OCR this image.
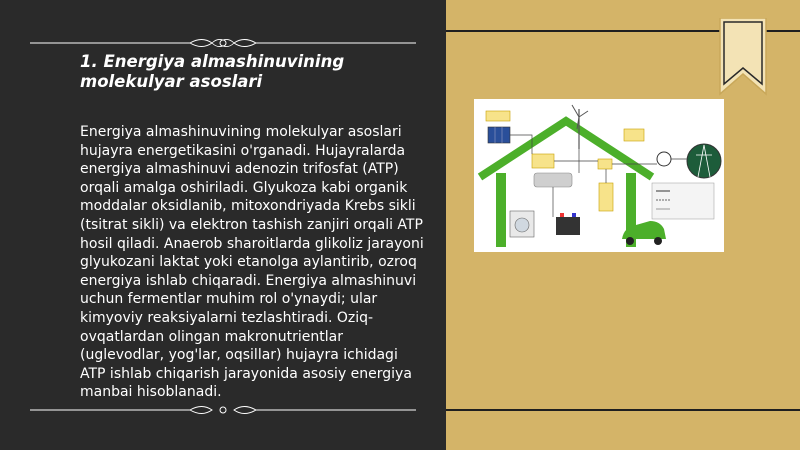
1. Energiya almashinuvining molekulyar asoslari

Energiya almashinuvining molekulyar asoslari hujayra energetikasini o'rganadi. Hujayralarda energiya almashinuvi adenozin trifosfat (ATP) orqali amalga oshiriladi. Glyukoza kabi organik moddalar oksidlanib, mitoxondriyada Krebs sikli (tsitrat sikli) va elektron tashish zanjiri orqali ATP hosil qiladi. Anaerob sharoitlarda glikoliz jarayoni glyukozani laktat yoki etanolga aylantirib, ozroq energiya ishlab chiqaradi. Energiya almashinuvi uchun fermentlar muhim rol o'ynaydi; ular kimyoviy reaksiyalarni tezlashtiradi. Oziq-ovqatlardan olingan makronutrientlar (uglevodlar, yog'lar, oqsillar) hujayra ichidagi ATP ishlab chiqarish jarayonida asosiy energiya manbai hisoblanadi.
